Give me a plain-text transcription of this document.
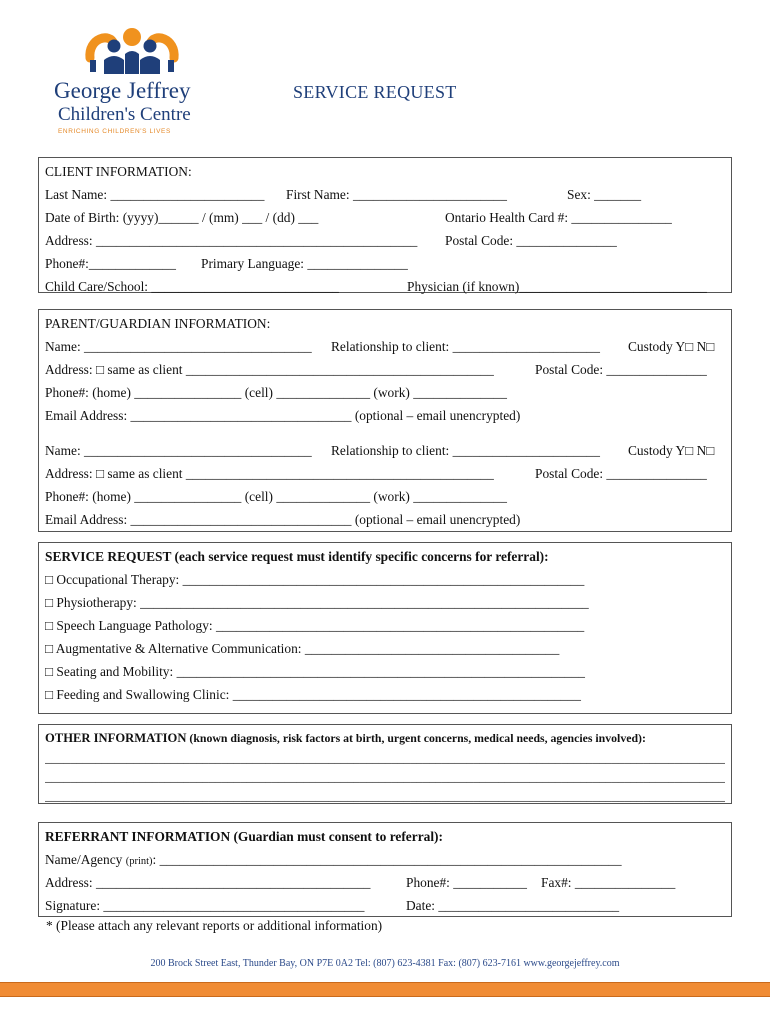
George Jeffrey
Children's Centre
ENRICHING CHILDREN'S LIVES
SERVICE REQUEST
CLIENT INFORMATION:
Last Name: _______________________ First Name: _______________________	Sex: _______
Date of Birth: (yyyy)______ / (mm) ___ / (dd) ___	Ontario Health Card #: _______________
Address: ________________________________________________ Postal Code: _______________
Phone#:_____________ Primary Language: _______________
Child Care/School: ____________________________	Physician (if known)____________________________
PARENT/GUARDIAN INFORMATION:
Name: __________________________________ Relationship to client: ______________________ Custody Y□ N□
Address: □ same as client ______________________________________________	Postal Code: _______________
Phone#: (home) ________________ (cell) ______________ (work) ______________
Email Address: _________________________________ (optional – email unencrypted)
Name: __________________________________ Relationship to client: ______________________ Custody Y□ N□
Address: □ same as client ______________________________________________	Postal Code: _______________
Phone#: (home) ________________ (cell) ______________ (work) ______________
Email Address: _________________________________ (optional – email unencrypted)
SERVICE REQUEST (each service request must identify specific concerns for referral):
□ Occupational Therapy: ____________________________________________________________
□ Physiotherapy: ___________________________________________________________________
□ Speech Language Pathology: _______________________________________________________
□ Augmentative & Alternative Communication: ______________________________________
□ Seating and Mobility: _____________________________________________________________
□ Feeding and Swallowing Clinic: ____________________________________________________
OTHER INFORMATION (known diagnosis, risk factors at birth, urgent concerns, medical needs, agencies involved):
____________________________________________________________________________________________________________
____________________________________________________________________________________________________________
____________________________________________________________________________________________________________
REFERRANT INFORMATION (Guardian must consent to referral):
Name/Agency (print): _____________________________________________________________________
Address: _________________________________________	Phone#: ___________ Fax#: _______________
Signature: _______________________________________	Date: ___________________________
* (Please attach any relevant reports or additional information)
200 Brock Street East, Thunder Bay, ON P7E 0A2 Tel: (807) 623-4381 Fax: (807) 623-7161 www.georgejeffrey.com
